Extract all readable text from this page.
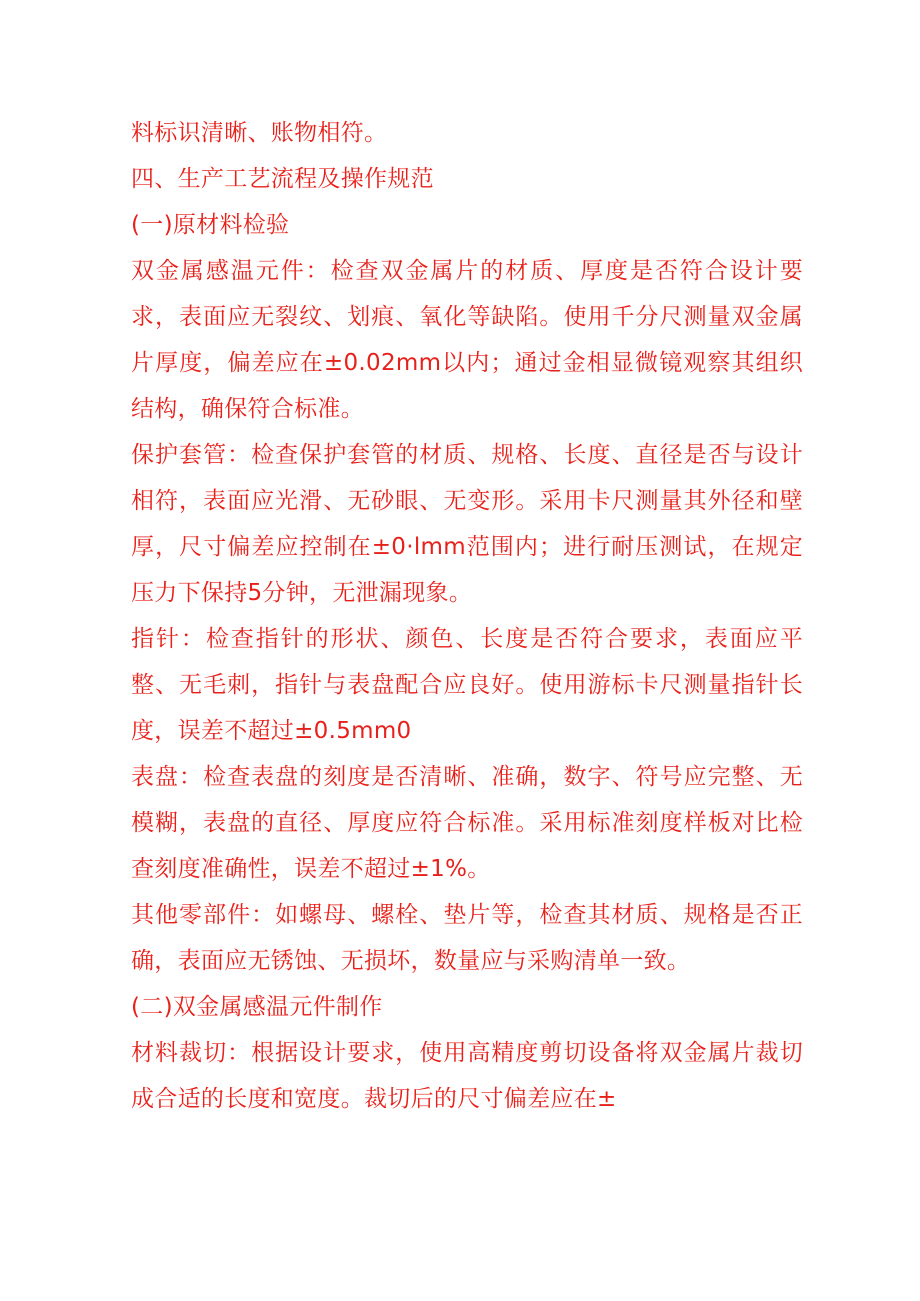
料标识清晰、账物相符。

四、生产工艺流程及操作规范

(一)原材料检验

双金属感温元件：检查双金属片的材质、厚度是否符合设计要求，表面应无裂纹、划痕、氧化等缺陷。使用千分尺测量双金属片厚度，偏差应在±0.02mm以内；通过金相显微镜观察其组织结构，确保符合标准。

保护套管：检查保护套管的材质、规格、长度、直径是否与设计相符，表面应光滑、无砂眼、无变形。采用卡尺测量其外径和壁厚，尺寸偏差应控制在±0·lmm范围内；进行耐压测试，在规定压力下保持5分钟，无泄漏现象。

指针：检查指针的形状、颜色、长度是否符合要求，表面应平整、无毛刺，指针与表盘配合应良好。使用游标卡尺测量指针长度，误差不超过±0.5mm0

表盘：检查表盘的刻度是否清晰、准确，数字、符号应完整、无模糊，表盘的直径、厚度应符合标准。采用标准刻度样板对比检查刻度准确性，误差不超过±1%。

其他零部件：如螺母、螺栓、垫片等，检查其材质、规格是否正确，表面应无锈蚀、无损坏，数量应与采购清单一致。

(二)双金属感温元件制作

材料裁切：根据设计要求，使用高精度剪切设备将双金属片裁切成合适的长度和宽度。裁切后的尺寸偏差应在±
